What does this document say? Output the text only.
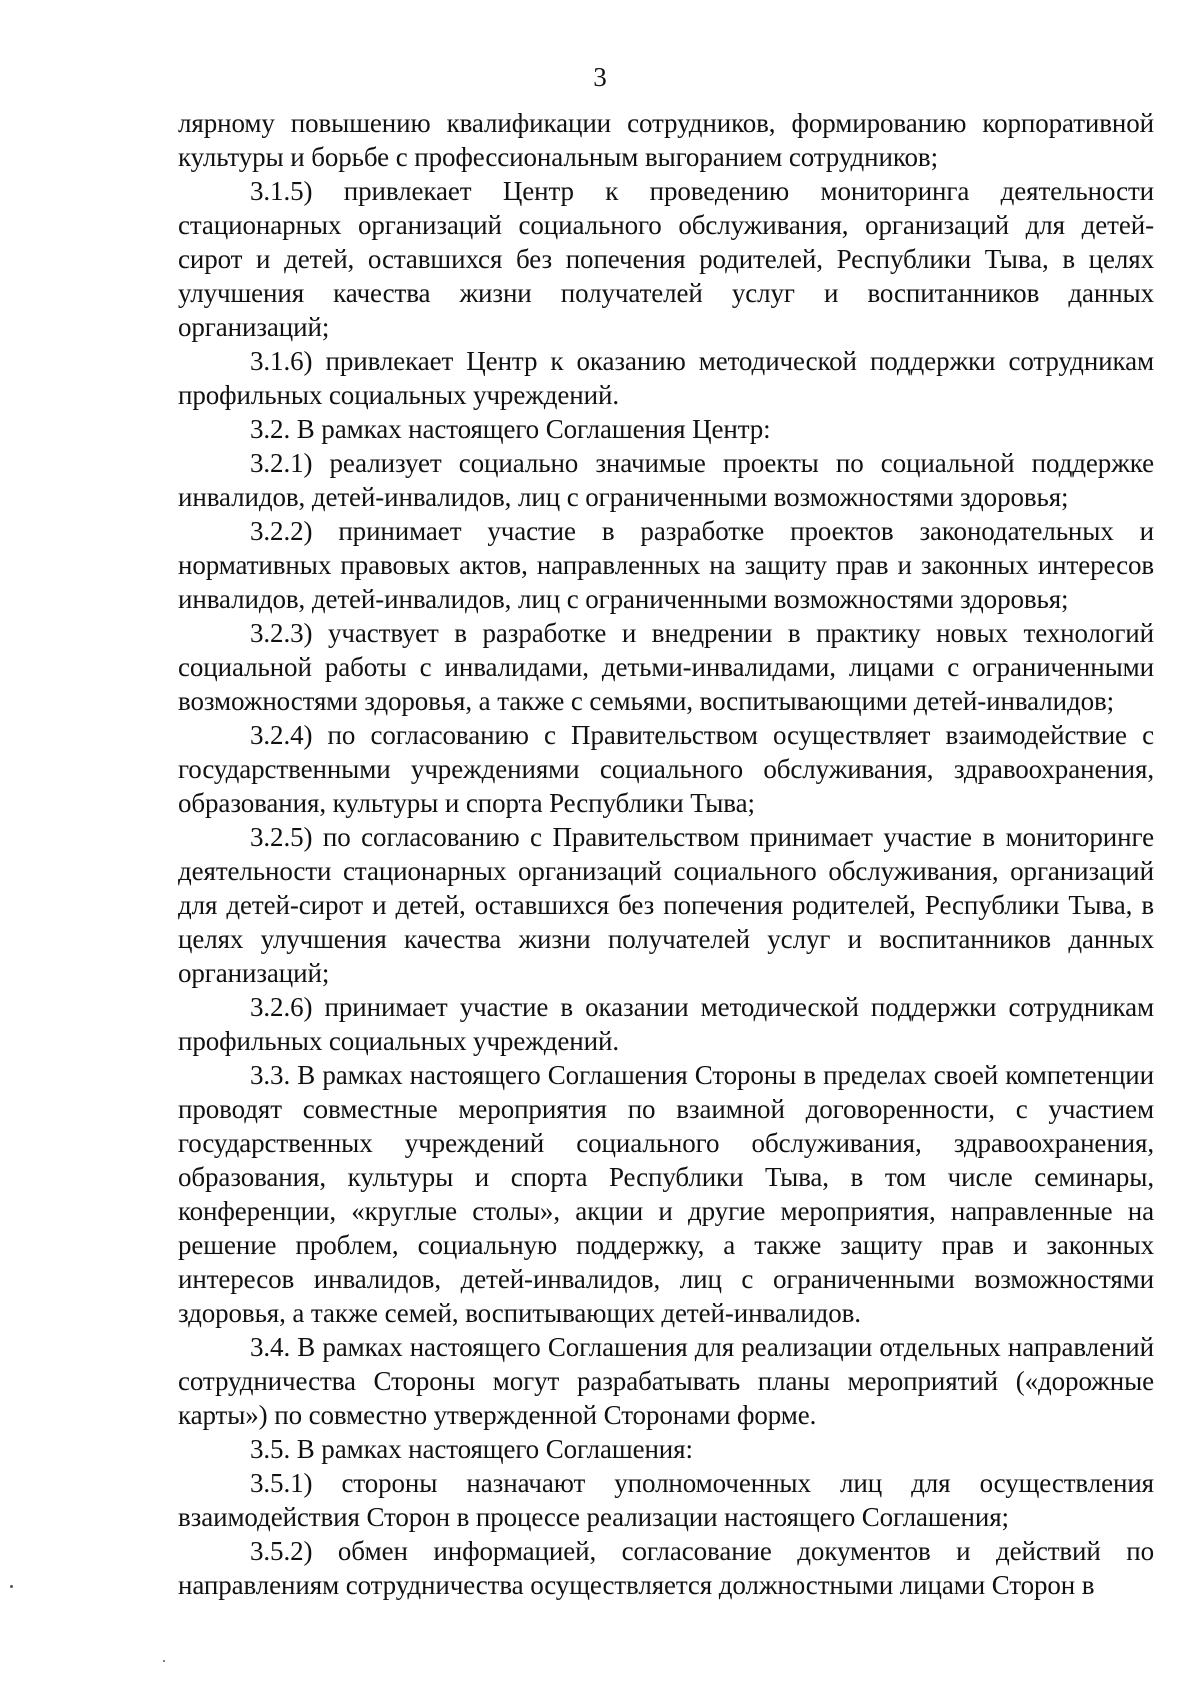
3

лярному повышению квалификации сотрудников, формированию корпоративной культуры и борьбе с профессиональным выгоранием сотрудников;

3.1.5) привлекает Центр к проведению мониторинга деятельности стационарных организаций социального обслуживания, организаций для детей-сирот и детей, оставшихся без попечения родителей, Республики Тыва, в целях улучшения качества жизни получателей услуг и воспитанников данных организаций;

3.1.6) привлекает Центр к оказанию методической поддержки сотрудникам профильных социальных учреждений.

3.2. В рамках настоящего Соглашения Центр:

3.2.1) реализует социально значимые проекты по социальной поддержке инвалидов, детей-инвалидов, лиц с ограниченными возможностями здоровья;

3.2.2) принимает участие в разработке проектов законодательных и нормативных правовых актов, направленных на защиту прав и законных интересов инвалидов, детей-инвалидов, лиц с ограниченными возможностями здоровья;

3.2.3) участвует в разработке и внедрении в практику новых технологий социальной работы с инвалидами, детьми-инвалидами, лицами с ограниченными возможностями здоровья, а также с семьями, воспитывающими детей-инвалидов;

3.2.4) по согласованию с Правительством осуществляет взаимодействие с государственными учреждениями социального обслуживания, здравоохранения, образования, культуры и спорта Республики Тыва;

3.2.5) по согласованию с Правительством принимает участие в мониторинге деятельности стационарных организаций социального обслуживания, организаций для детей-сирот и детей, оставшихся без попечения родителей, Республики Тыва, в целях улучшения качества жизни получателей услуг и воспитанников данных организаций;

3.2.6) принимает участие в оказании методической поддержки сотрудникам профильных социальных учреждений.

3.3. В рамках настоящего Соглашения Стороны в пределах своей компетенции проводят совместные мероприятия по взаимной договоренности, с участием государственных учреждений социального обслуживания, здравоохранения, образования, культуры и спорта Республики Тыва, в том числе семинары, конференции, «круглые столы», акции и другие мероприятия, направленные на решение проблем, социальную поддержку, а также защиту прав и законных интересов инвалидов, детей-инвалидов, лиц с ограниченными возможностями здоровья, а также семей, воспитывающих детей-инвалидов.

3.4. В рамках настоящего Соглашения для реализации отдельных направлений сотрудничества Стороны могут разрабатывать планы мероприятий («дорожные карты») по совместно утвержденной Сторонами форме.

3.5. В рамках настоящего Соглашения:

3.5.1) стороны назначают уполномоченных лиц для осуществления взаимодействия Сторон в процессе реализации настоящего Соглашения;

3.5.2) обмен информацией, согласование документов и действий по направлениям сотрудничества осуществляется должностными лицами Сторон в
